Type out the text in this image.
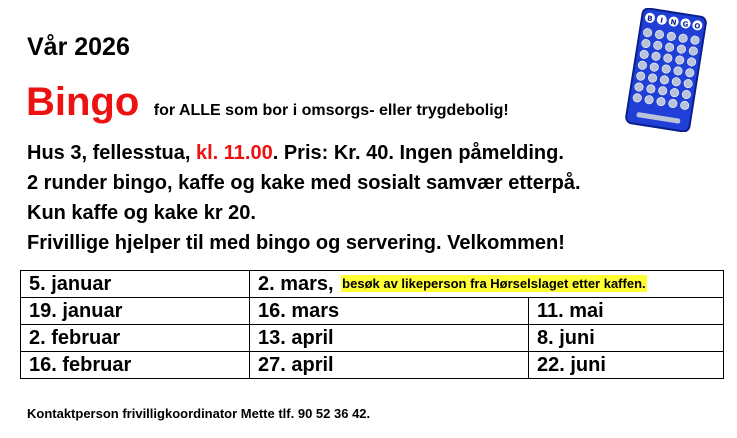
Vår 2026
Bingo for ALLE som bor i omsorgs- eller trygdebolig!
Hus 3, fellesstua, kl. 11.00. Pris: Kr. 40. Ingen påmelding.
2 runder bingo, kaffe og kake med sosialt samvær etterpå.
Kun kaffe og kake kr 20.
Frivillige hjelper til med bingo og servering. Velkommen!
B I N G O
5. januar	2. mars, besøk av likeperson fra Hørselslaget etter kaffen.	
19. januar	16. mars	11. mai
2. februar	13. april	8. juni
16. februar	27. april	22. juni
Kontaktperson frivilligkoordinator Mette tlf. 90 52 36 42.
